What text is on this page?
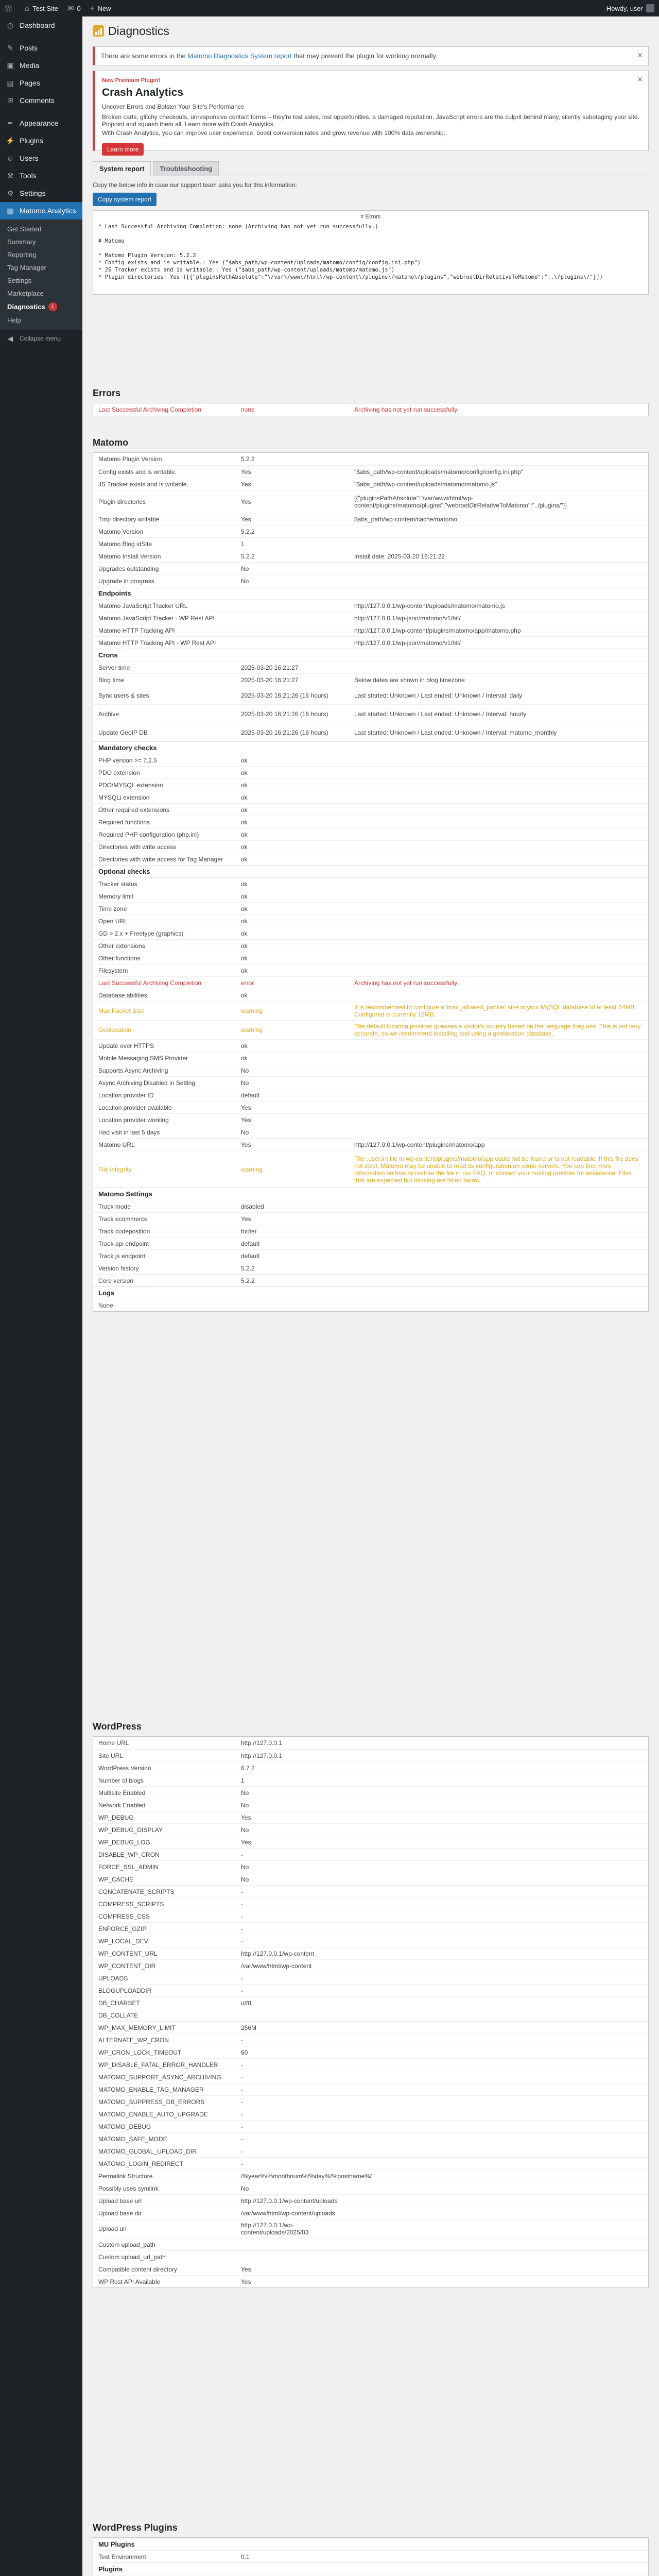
Ⓦ ⌂ Test Site ✉ 0 + New	Howdy, user
◴ Dashboard
✎ Posts
▣ Media
▤ Pages
✉ Comments
✒ Appearance
⚡ Plugins
☺ Users
⚒ Tools
⚙ Settings
▥ Matomo Analytics
Get Started
Summary
Reporting
Tag Manager
Settings
Marketplace
Diagnostics	1
Help
◀	Collapse menu
Diagnostics

There are some errors in the Matomo Diagnostics System report that may prevent the plugin for working normally.	✕
✕
New Premium Plugin!
Crash Analytics

Uncover Errors and Bolster Your Site's Performance

Broken carts, glitchy checkouts, unresponsive contact forms – they're lost sales, lost opportunities, a damaged reputation. JavaScript errors are the culprit behind many, silently sabotaging your site. Pinpoint and squash them all. Learn more with Crash Analytics.

With Crash Analytics, you can improve user experience, boost conversion rates and grow revenue with 100% data ownership.

Learn more
System report	Troubleshooting

Copy the below info in case our support team asks you for this information:

Copy system report
# Errors
* Last Successful Archiving Completion: none (Archiving has not yet run successfully.)

# Matomo

* Matomo Plugin Version: 5.2.2
* Config exists and is writable.: Yes ("$abs_path/wp-content/uploads/matomo/config/config.ini.php")
* JS Tracker exists and is writable.: Yes ("$abs_path/wp-content/uploads/matomo/matomo.js")
* Plugin directories: Yes ([{"pluginsPathAbsolute":"\/var\/www\/html\/wp-content\/plugins\/matomo\/plugins","webrootDirRelativeToMatomo":"..\/plugins\/"}])
Errors
Last Successful Archiving Completion	none	Archiving has not yet run successfully.
Matomo
Matomo Plugin Version	5.2.2
Config exists and is writable.	Yes	"$abs_path/wp-content/uploads/matomo/config/config.ini.php"
JS Tracker exists and is writable.	Yes	"$abs_path/wp-content/uploads/matomo/matomo.js"
Plugin directories	Yes	[{"pluginsPathAbsolute":"/var/www/html/wp-content/plugins/matomo/plugins","webrootDirRelativeToMatomo":"../plugins/"}]
Tmp directory writable	Yes	$abs_path/wp-content/cache/matomo
Matomo Version	5.2.2
Matomo Blog idSite	1
Matomo Install Version	5.2.2	Install date: 2025-03-20 16:21:22
Upgrades outstanding	No
Upgrade in progress	No
Endpoints
Matomo JavaScript Tracker URL	http://127.0.0.1/wp-content/uploads/matomo/matomo.js
Matomo JavaScript Tracker - WP Rest API	http://127.0.0.1/wp-json/matomo/v1/hit/
Matomo HTTP Tracking API	http://127.0.0.1/wp-content/plugins/matomo/app/matomo.php
Matomo HTTP Tracking API - WP Rest API	http://127.0.0.1/wp-json/matomo/v1/hit/
Crons
Server time	2025-03-20 16:21:27
Blog time	2025-03-20 16:21:27	Below dates are shown in blog timezone
Sync users & sites	2025-03-20 16:21:26 (16 hours)	Last started: Unknown / Last ended: Unknown / Interval: daily
Archive	2025-03-20 16:21:26 (16 hours)	Last started: Unknown / Last ended: Unknown / Interval: hourly
Update GeoIP DB	2025-03-20 16:21:26 (16 hours)	Last started: Unknown / Last ended: Unknown / Interval: matomo_monthly
Mandatory checks
PHP version >= 7.2.5	ok
PDO extension	ok
PDO\MYSQL extension	ok
MYSQLi extension	ok
Other required extensions	ok
Required functions	ok
Required PHP configuration (php.ini)	ok
Directories with write access	ok
Directories with write access for Tag Manager	ok
Optional checks
Tracker status	ok
Memory limit	ok
Time zone	ok
Open URL	ok
GD > 2.x + Freetype (graphics)	ok
Other extensions	ok
Other functions	ok
Filesystem	ok
Last Successful Archiving Completion	error	Archiving has not yet run successfully.
Database abilities	ok
Max Packet Size	warning	It is recommended to configure a 'max_allowed_packet' size in your MySQL database of at least 64MB. Configured is currently 16MB.
Geolocation	warning	The default location provider guesses a visitor's country based on the language they use. This is not very accurate, so we recommend installing and using a geolocation database.
Update over HTTPS	ok
Mobile Messaging SMS Provider	ok
Supports Async Archiving	No
Async Archiving Disabled in Setting	No
Location provider ID	default
Location provider available	Yes
Location provider working	Yes
Had visit in last 5 days	No
Matomo URL	Yes	http://127.0.0.1/wp-content/plugins/matomo/app
File integrity	warning
The .user.ini file in wp-content/plugins/matomo/app could not be found or is not readable. If this file does not exist, Matomo may be unable to read its configuration on some servers. You can find more information on how to restore the file in our FAQ, or contact your hosting provider for assistance. Files that are expected but missing are listed below.
Matomo Settings
Track mode	disabled
Track ecommerce	Yes
Track codeposition	footer
Track api endpoint	default
Track js endpoint	default
Version history	5.2.2
Core version	5.2.2
Logs
None
WordPress
Home URL	http://127.0.0.1
Site URL	http://127.0.0.1
WordPress Version	6.7.2
Number of blogs	1
Multisite Enabled	No
Network Enabled	No
WP_DEBUG	Yes
WP_DEBUG_DISPLAY	No
WP_DEBUG_LOG	Yes
DISABLE_WP_CRON	-
FORCE_SSL_ADMIN	No
WP_CACHE	No
CONCATENATE_SCRIPTS	-
COMPRESS_SCRIPTS	-
COMPRESS_CSS	-
ENFORCE_GZIP	-
WP_LOCAL_DEV	-
WP_CONTENT_URL	http://127.0.0.1/wp-content
WP_CONTENT_DIR	/var/www/html/wp-content
UPLOADS	-
BLOGUPLOADDIR	-
DB_CHARSET	utf8
DB_COLLATE
WP_MAX_MEMORY_LIMIT	256M
ALTERNATE_WP_CRON	-
WP_CRON_LOCK_TIMEOUT	60
WP_DISABLE_FATAL_ERROR_HANDLER	-
MATOMO_SUPPORT_ASYNC_ARCHIVING	-
MATOMO_ENABLE_TAG_MANAGER	-
MATOMO_SUPPRESS_DB_ERRORS	-
MATOMO_ENABLE_AUTO_UPGRADE	-
MATOMO_DEBUG	-
MATOMO_SAFE_MODE	-
MATOMO_GLOBAL_UPLOAD_DIR	-
MATOMO_LOGIN_REDIRECT	-
Permalink Structure	/%year%/%monthnum%/%day%/%postname%/
Possibly uses symlink	No
Upload base url	http://127.0.0.1/wp-content/uploads
Upload base dir	/var/www/html/wp-content/uploads
Upload url	http://127.0.0.1/wp-content/uploads/2025/03
Custom upload_path
Custom upload_url_path
Compatible content directory	Yes
WP Rest API Available	Yes
WordPress Plugins
MU Plugins
Test Environment	0.1
Plugins
